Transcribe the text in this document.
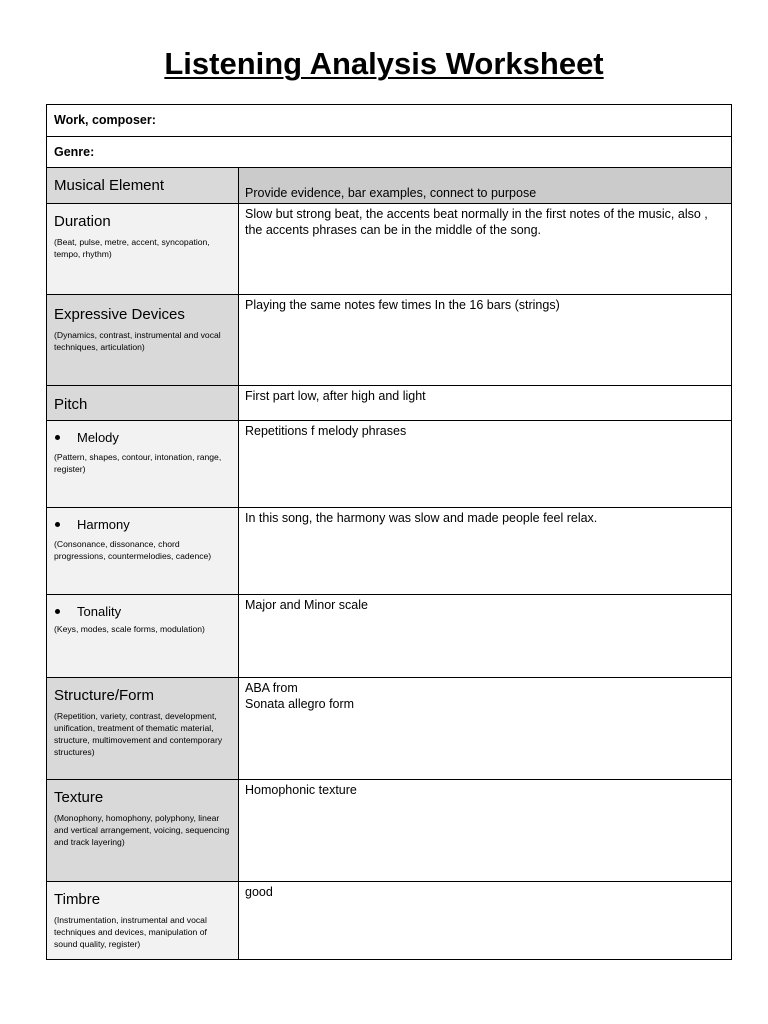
Listening Analysis Worksheet
Work, composer:
Genre:
Musical Element	Provide evidence, bar examples, connect to purpose
Duration
(Beat, pulse, metre, accent, syncopation, tempo, rhythm)
Slow but strong beat, the accents beat normally in the first notes of the music, also , the accents phrases can be in the middle of the song.
Expressive Devices
(Dynamics, contrast, instrumental and vocal techniques, articulation)
Playing the same notes few times In the 16 bars (strings)
Pitch	First part low, after high and light
Melody
(Pattern, shapes, contour, intonation, range, register)
Repetitions f melody phrases
Harmony
(Consonance, dissonance, chord progressions, countermelodies, cadence)
In this song, the harmony was slow and made people feel relax.
Tonality
(Keys, modes, scale forms, modulation)
Major and Minor scale
Structure/Form
(Repetition, variety, contrast, development, unification, treatment of thematic material, structure, multimovement and contemporary structures)
ABA from
Sonata allegro form
Texture
(Monophony, homophony, polyphony, linear and vertical arrangement, voicing, sequencing and track layering)
Homophonic texture
Timbre
(Instrumentation, instrumental and vocal techniques and devices, manipulation of sound quality, register)
good
